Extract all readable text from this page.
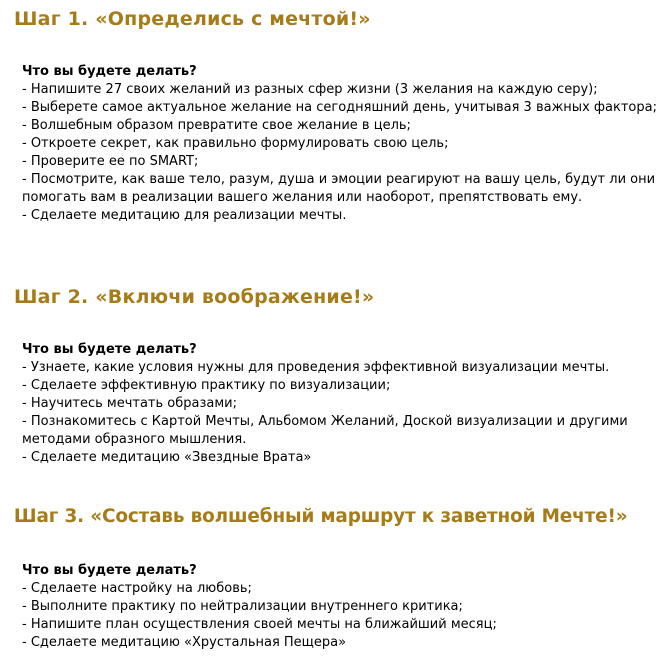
Шаг 1. «Определись с мечтой!»

Что вы будете делать?

- Напишите 27 своих желаний из разных сфер жизни (3 желания на каждую серу);
- Выберете самое актуальное желание на сегодняшний день, учитывая 3 важных фактора;
- Волшебным образом превратите свое желание в цель;
- Откроете секрет, как правильно формулировать свою цель;
- Проверите ее по SMART;
- Посмотрите, как ваше тело, разум, душа и эмоции реагируют на вашу цель, будут ли они помогать вам в реализации вашего желания или наоборот, препятствовать ему.
- Сделаете медитацию для реализации мечты.
Шаг 2. «Включи воображение!»

Что вы будете делать?

- Узнаете, какие условия нужны для проведения эффективной визуализации мечты.
- Сделаете эффективную практику по визуализации;
- Научитесь мечтать образами;
- Познакомитесь с Картой Мечты, Альбомом Желаний, Доской визуализации и другими методами образного мышления.
- Сделаете медитацию «Звездные Врата»
Шаг 3. «Составь волшебный маршрут к заветной Мечте!»

Что вы будете делать?

- Сделаете настройку на любовь;
- Выполните практику по нейтрализации внутреннего критика;
- Напишите план осуществления своей мечты на ближайший месяц;
- Сделаете медитацию «Хрустальная Пещера»
